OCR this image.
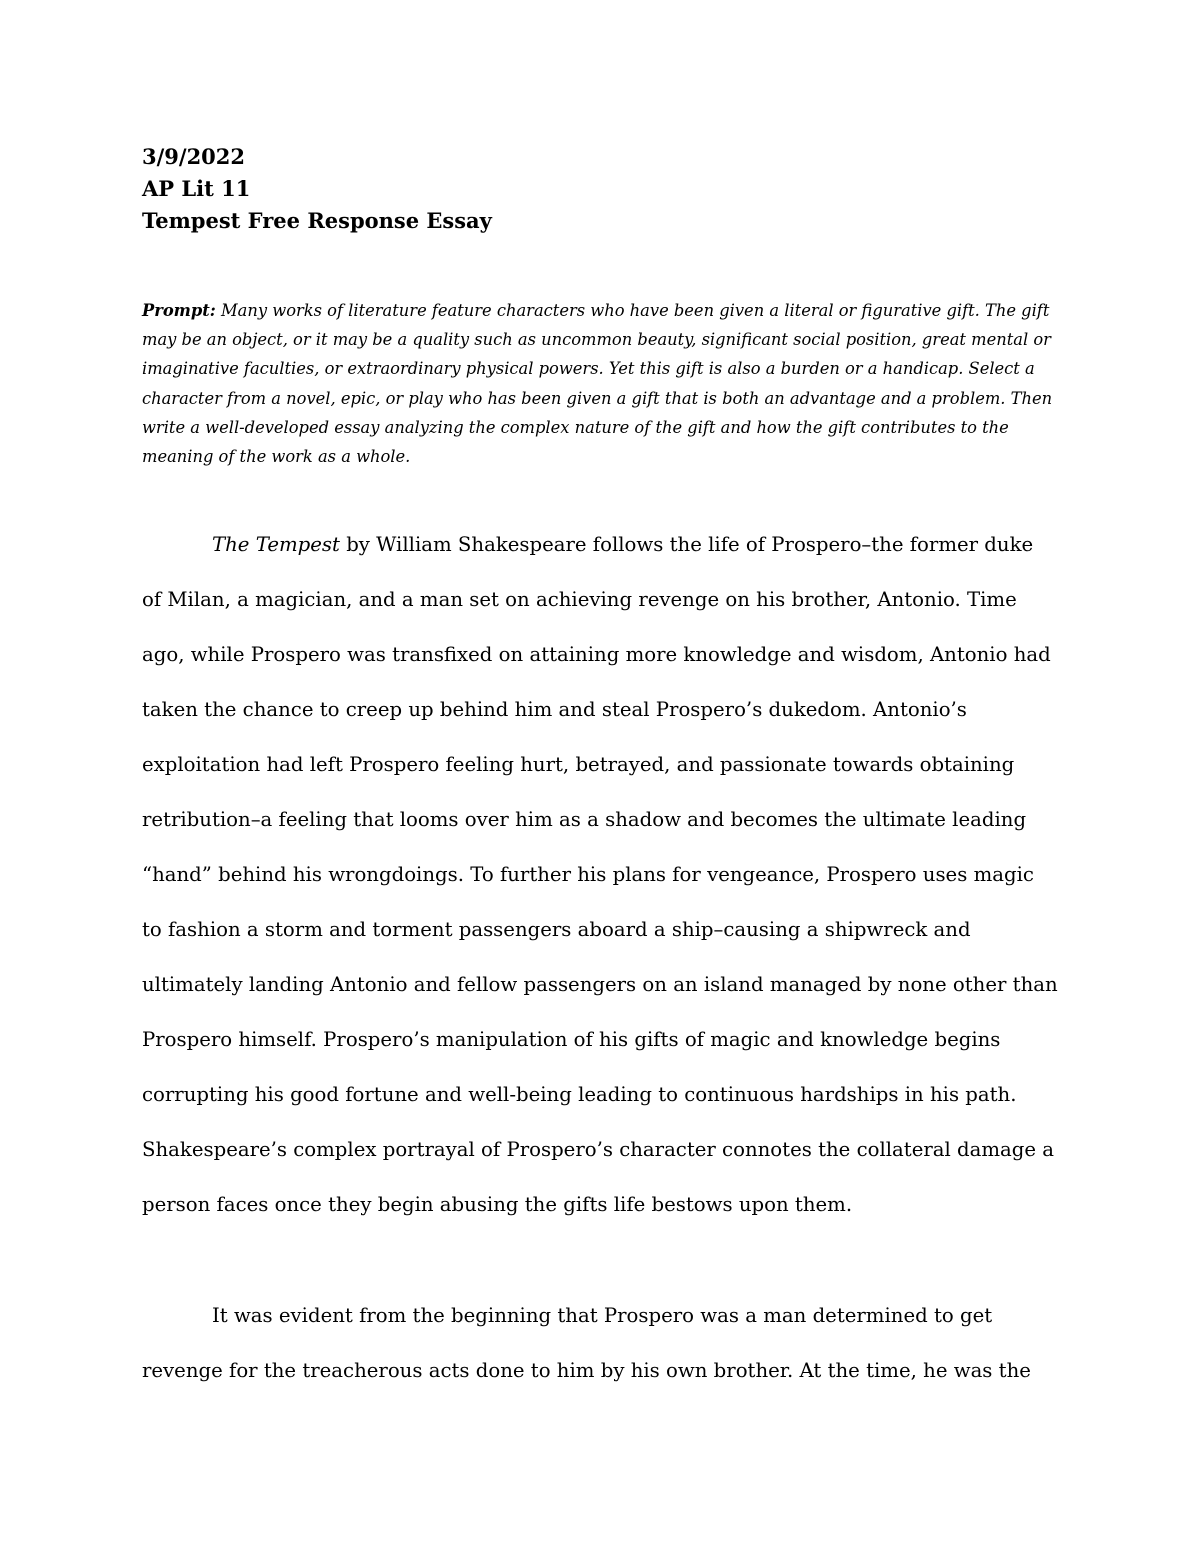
3/9/2022
AP Lit 11
Tempest Free Response Essay
Prompt: Many works of literature feature characters who have been given a literal or figurative gift. The gift may be an object, or it may be a quality such as uncommon beauty, significant social position, great mental or imaginative faculties, or extraordinary physical powers. Yet this gift is also a burden or a handicap. Select a character from a novel, epic, or play who has been given a gift that is both an advantage and a problem. Then write a well-developed essay analyzing the complex nature of the gift and how the gift contributes to the meaning of the work as a whole.
The Tempest by William Shakespeare follows the life of Prospero–the former duke of Milan, a magician, and a man set on achieving revenge on his brother, Antonio. Time ago, while Prospero was transfixed on attaining more knowledge and wisdom, Antonio had taken the chance to creep up behind him and steal Prospero’s dukedom. Antonio’s exploitation had left Prospero feeling hurt, betrayed, and passionate towards obtaining retribution–a feeling that looms over him as a shadow and becomes the ultimate leading “hand” behind his wrongdoings. To further his plans for vengeance, Prospero uses magic to fashion a storm and torment passengers aboard a ship–causing a shipwreck and ultimately landing Antonio and fellow passengers on an island managed by none other than Prospero himself. Prospero’s manipulation of his gifts of magic and knowledge begins corrupting his good fortune and well-being leading to continuous hardships in his path. Shakespeare’s complex portrayal of Prospero’s character connotes the collateral damage a person faces once they begin abusing the gifts life bestows upon them.
It was evident from the beginning that Prospero was a man determined to get revenge for the treacherous acts done to him by his own brother. At the time, he was the
